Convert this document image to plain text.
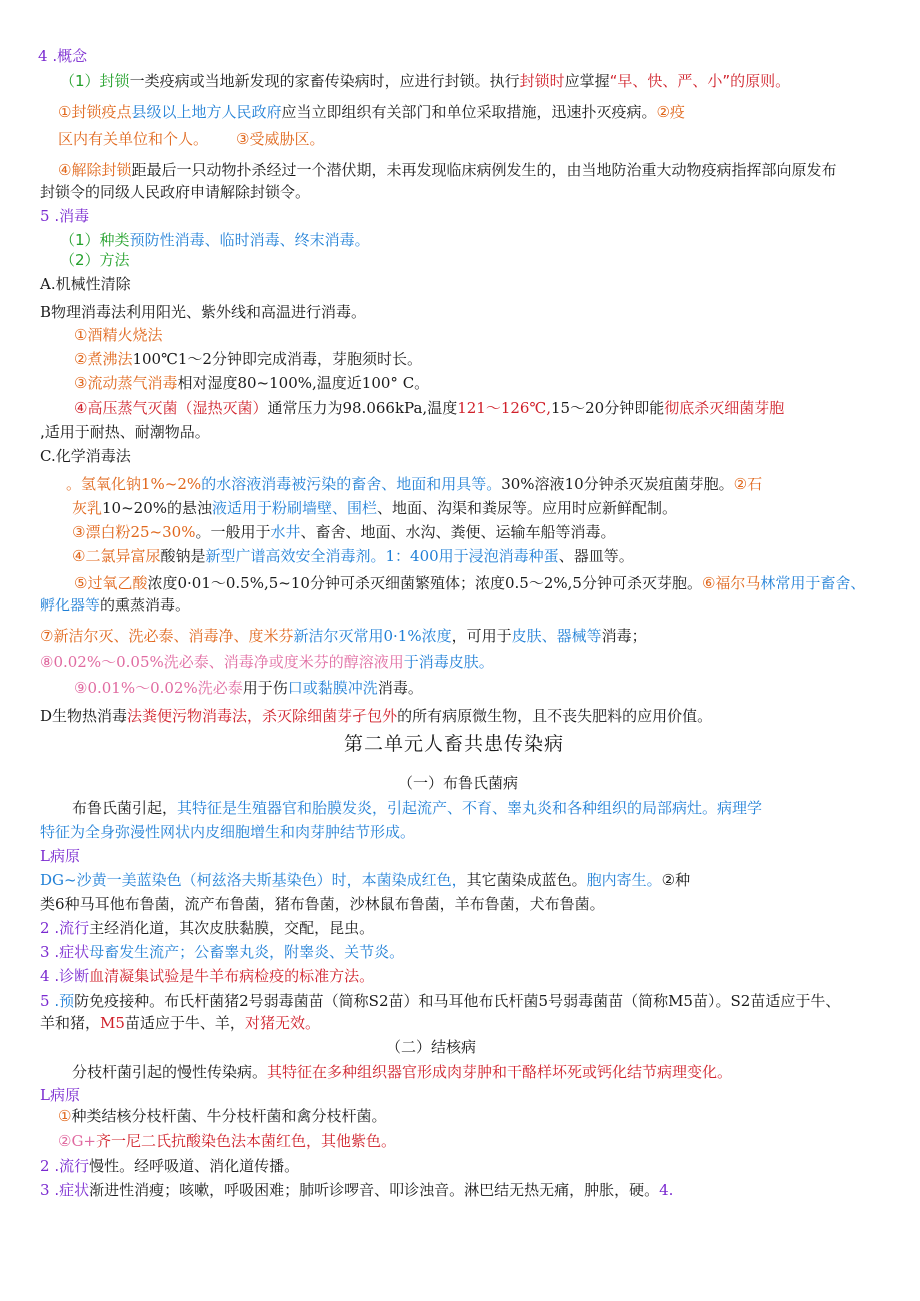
4 .概念
（1）封锁一类疫病或当地新发现的家畜传染病时，应进行封锁。执行封锁时应掌握“早、快、严、小”的原则。
①封锁疫点县级以上地方人民政府应当立即组织有关部门和单位采取措施，迅速扑灭疫病。②疫
区内有关单位和个人。 ③受威胁区。
④解除封锁距最后一只动物扑杀经过一个潜伏期，未再发现临床病例发生的，由当地防治重大动物疫病指挥部向原发布
封锁令的同级人民政府申请解除封锁令。
5 .消毒
（1）种类预防性消毒、临时消毒、终末消毒。
（2）方法
A.机械性清除
B物理消毒法利用阳光、紫外线和高温进行消毒。
①酒精火烧法
②煮沸法100℃1～2分钟即完成消毒，芽胞须时长。
③流动蒸气消毒相对湿度80~100%,温度近100° C。
④高压蒸气灭菌（湿热灭菌）通常压力为98.066kPa,温度121～126℃,15～20分钟即能彻底杀灭细菌芽胞
,适用于耐热、耐潮物品。
C.化学消毒法
。氢氧化钠1%~2%的水溶液消毒被污染的畜舍、地面和用具等。30%溶液10分钟杀灭炭疽菌芽胞。②石
灰乳10~20%的悬浊液适用于粉刷墙壁、围栏、地面、沟渠和粪尿等。应用时应新鲜配制。
③漂白粉25~30%。一般用于水井、畜舍、地面、水沟、粪便、运输车船等消毒。
④二氯异富尿酸钠是新型广谱高效安全消毒剂。1：400用于浸泡消毒种蛋、器皿等。
⑤过氧乙酸浓度0·01～0.5%,5~10分钟可杀灭细菌繁殖体；浓度0.5～2%,5分钟可杀灭芽胞。⑥福尔马林常用于畜舍、
孵化器等的熏蒸消毒。
⑦新洁尔灭、洗必泰、消毒净、度米芬新洁尔灭常用0·1%浓度，可用于皮肤、器械等消毒；
⑧0.02%～0.05%洗必泰、消毒净或度米芬的醇溶液用于消毒皮肤。
⑨0.01%～0.02%洗必泰用于伤口或黏膜冲洗消毒。
D生物热消毒法粪便污物消毒法，杀灭除细菌芽孑包外的所有病原微生物，且不丧失肥料的应用价值。
第二单元人畜共患传染病
（一）布鲁氏菌病
布鲁氏菌引起，其特征是生殖器官和胎膜发炎，引起流产、不育、睾丸炎和各种组织的局部病灶。病理学
特征为全身弥漫性网状内皮细胞增生和肉芽肿结节形成。
L病原
DG~沙黄一美蓝染色（柯兹洛夫斯基染色）时，本菌染成红色，其它菌染成蓝色。胞内寄生。②种
类6种马耳他布鲁菌，流产布鲁菌，猪布鲁菌，沙林鼠布鲁菌，羊布鲁菌，犬布鲁菌。
2 .流行主经消化道，其次皮肤黏膜，交配，昆虫。
3 .症状母畜发生流产；公畜睾丸炎，附睾炎、关节炎。
4 .诊断血清凝集试验是牛羊布病检疫的标准方法。
5 .预防免疫接种。布氏杆菌猪2号弱毒菌苗（简称S2苗）和马耳他布氏杆菌5号弱毒菌苗（简称M5苗）。S2苗适应于牛、
羊和猪，M5苗适应于牛、羊，对猪无效。
（二）结核病
分枝杆菌引起的慢性传染病。其特征在多种组织器官形成肉芽肿和干酪样坏死或钙化结节病理变化。
L病原
①种类结核分枝杆菌、牛分枝杆菌和禽分枝杆菌。
②G+齐一尼二氏抗酸染色法本菌红色，其他紫色。
2 .流行慢性。经呼吸道、消化道传播。
3 .症状渐进性消瘦；咳嗽，呼吸困难；肺听诊啰音、叩诊浊音。淋巴结无热无痛，肿胀，硬。4.
